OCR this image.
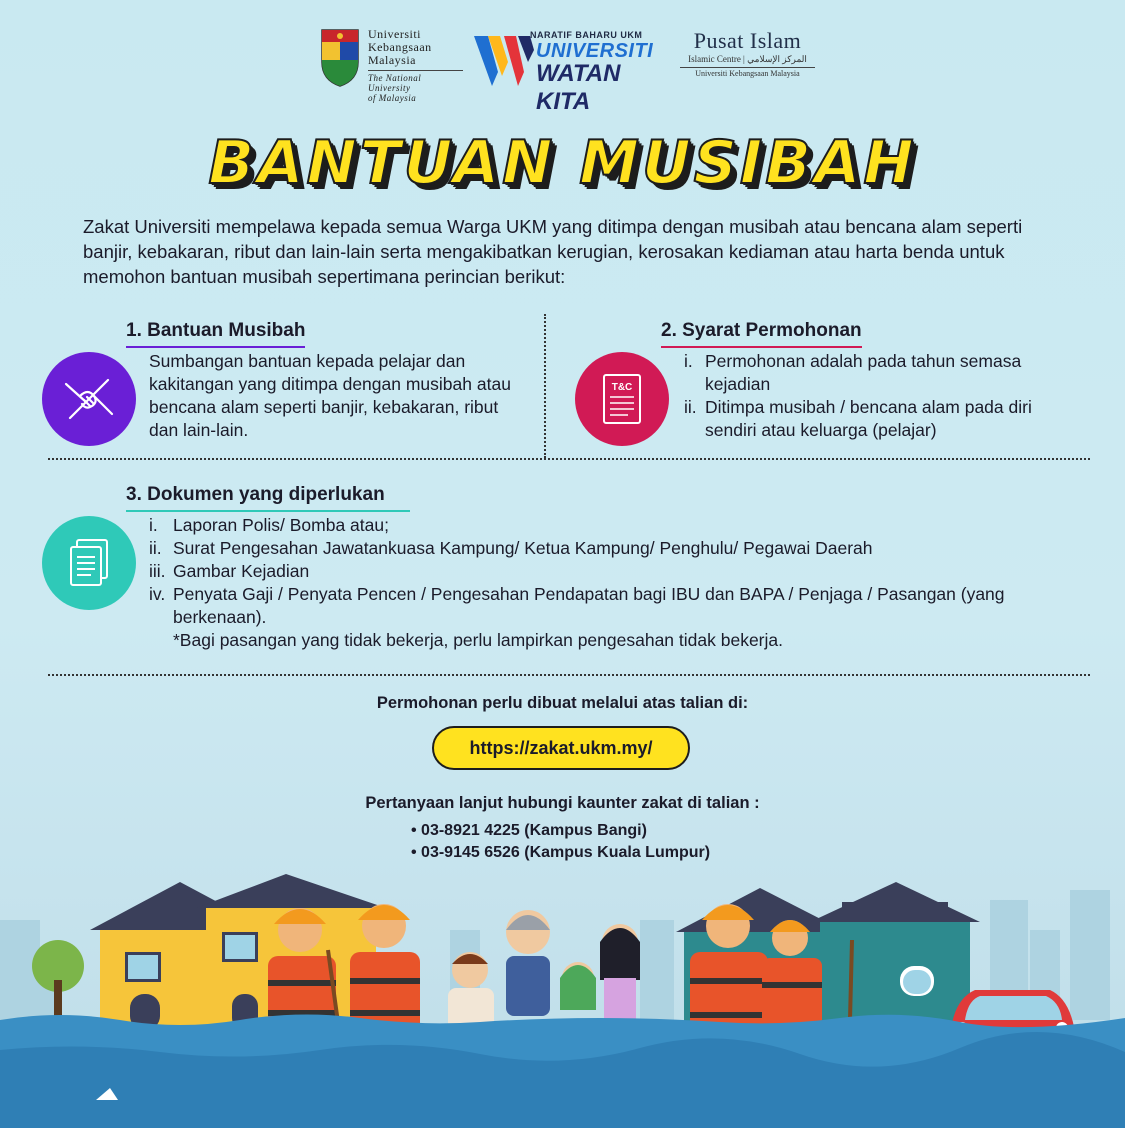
Universiti
Kebangsaan
Malaysia
The National University
of Malaysia
NARATIF BAHARU UKM
UNIVERSITI
WATAN KITA
Pusat Islam
Islamic Centre | المركز الإسلامي
Universiti Kebangsaan Malaysia
BANTUAN MUSIBAH
Zakat Universiti mempelawa kepada semua Warga UKM yang ditimpa dengan musibah atau bencana alam seperti banjir, kebakaran, ribut dan lain-lain serta mengakibatkan kerugian, kerosakan kediaman atau harta benda untuk memohon bantuan musibah sepertimana perincian berikut:
1. Bantuan Musibah
Sumbangan bantuan kepada pelajar dan kakitangan yang ditimpa dengan musibah atau bencana alam seperti banjir, kebakaran, ribut dan lain-lain.
T&C
2. Syarat Permohonan
i. Permohonan adalah pada tahun semasa kejadian
ii. Ditimpa musibah / bencana alam pada diri sendiri atau keluarga (pelajar)
3. Dokumen yang diperlukan
i. Laporan Polis/ Bomba atau;
ii. Surat Pengesahan Jawatankuasa Kampung/ Ketua Kampung/ Penghulu/ Pegawai Daerah
iii. Gambar Kejadian
iv. Penyata Gaji / Penyata Pencen / Pengesahan Pendapatan bagi IBU dan BAPA / Penjaga / Pasangan (yang berkenaan).
*Bagi pasangan yang tidak bekerja, perlu lampirkan pengesahan tidak bekerja.
Permohonan perlu dibuat melalui atas talian di:
https://zakat.ukm.my/
Pertanyaan lanjut hubungi kaunter zakat di talian :
• 03-8921 4225 (Kampus Bangi)
• 03-9145 6526 (Kampus Kuala Lumpur)
